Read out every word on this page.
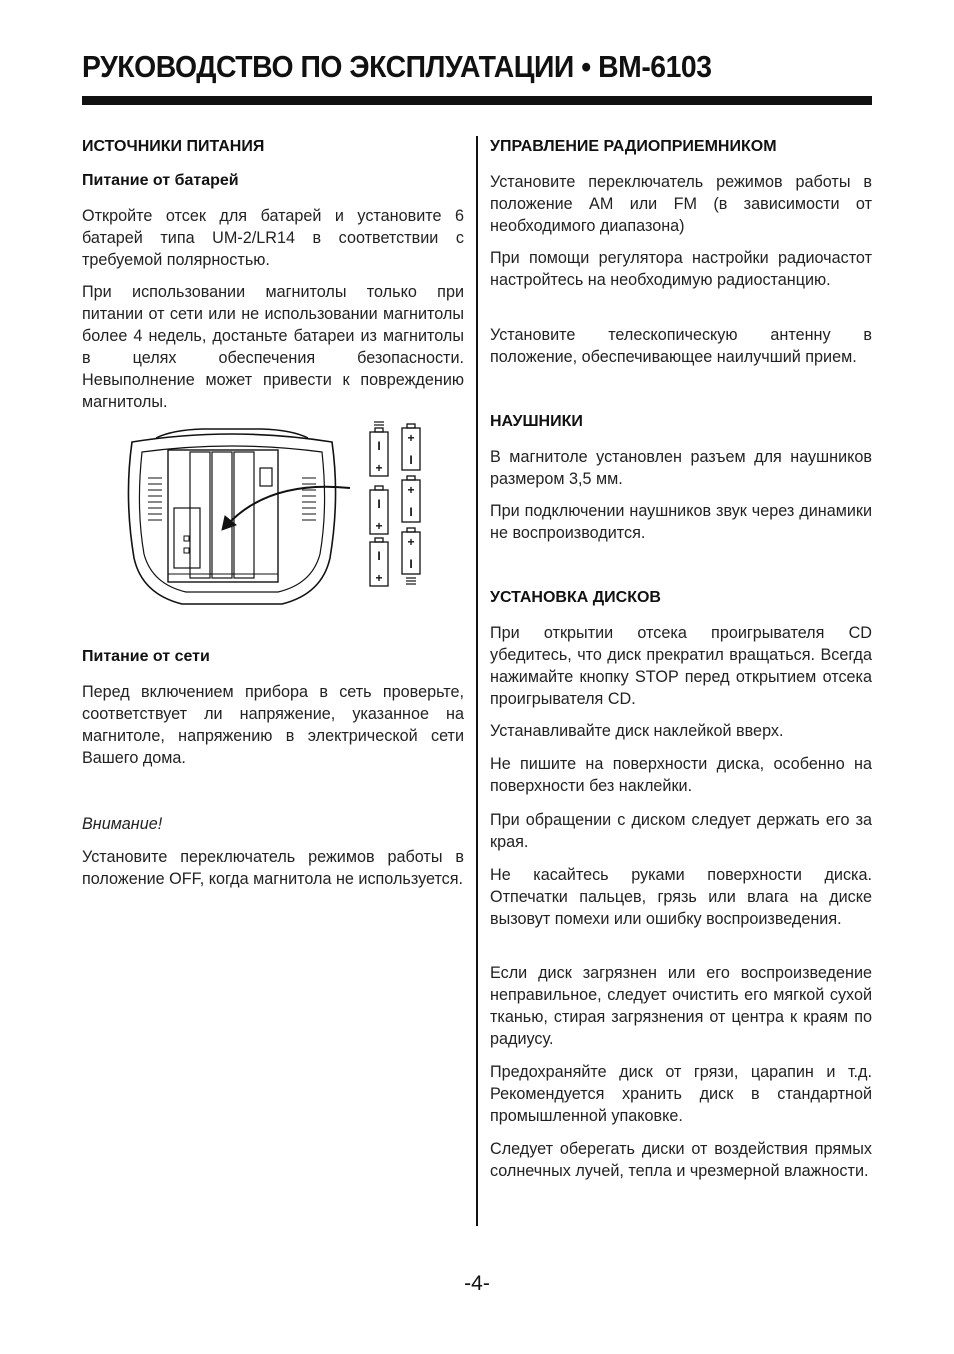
РУКОВОДСТВО ПО ЭКСПЛУАТАЦИИ • BM-6103
ИСТОЧНИКИ ПИТАНИЯ
Питание от батарей
Откройте отсек для батарей и установите 6 батарей типа UM-2/LR14 в соответствии с требуемой полярностью.
При использовании магнитолы только при питании от сети или не использовании магнитолы более 4 недель, достаньте батареи из магнитолы в целях обеспечения безопасности. Невыполнение может привести к повреждению магнитолы.
I
+
I
+
I
+
+
I
+
I
+
I
Питание от сети
Перед включением прибора в сеть проверьте, соответствует ли напряжение, указанное на магнитоле, напряжению в электрической сети Вашего дома.
Внимание!
Установите переключатель режимов работы в положение OFF, когда магнитола не используется.
УПРАВЛЕНИЕ РАДИОПРИЕМНИКОМ
Установите переключатель режимов работы в положение AM или FM (в зависимости от необходимого диапазона)
При помощи регулятора настройки радиочастот настройтесь на необходимую радиостанцию.
Установите телескопическую антенну в положение, обеспечивающее наилучший прием.
НАУШНИКИ
В магнитоле установлен разъем для наушников размером 3,5 мм.
При подключении наушников звук через динамики не воспроизводится.
УСТАНОВКА ДИСКОВ
При открытии отсека проигрывателя CD убедитесь, что диск прекратил вращаться. Всегда нажимайте кнопку STOP перед открытием отсека проигрывателя CD.
Устанавливайте диск наклейкой вверх.
Не пишите на поверхности диска, особенно на поверхности без наклейки.
При обращении с диском следует держать его за края.
Не касайтесь руками поверхности диска. Отпечатки пальцев, грязь или влага на диске вызовут помехи или ошибку воспроизведения.
Если диск загрязнен или его воспроизведение неправильное, следует очистить его мягкой сухой тканью, стирая загрязнения от центра к краям по радиусу.
Предохраняйте диск от грязи, царапин и т.д. Рекомендуется хранить диск в стандартной промышленной упаковке.
Следует оберегать диски от воздействия прямых солнечных лучей, тепла и чрезмерной влажности.
-4-
